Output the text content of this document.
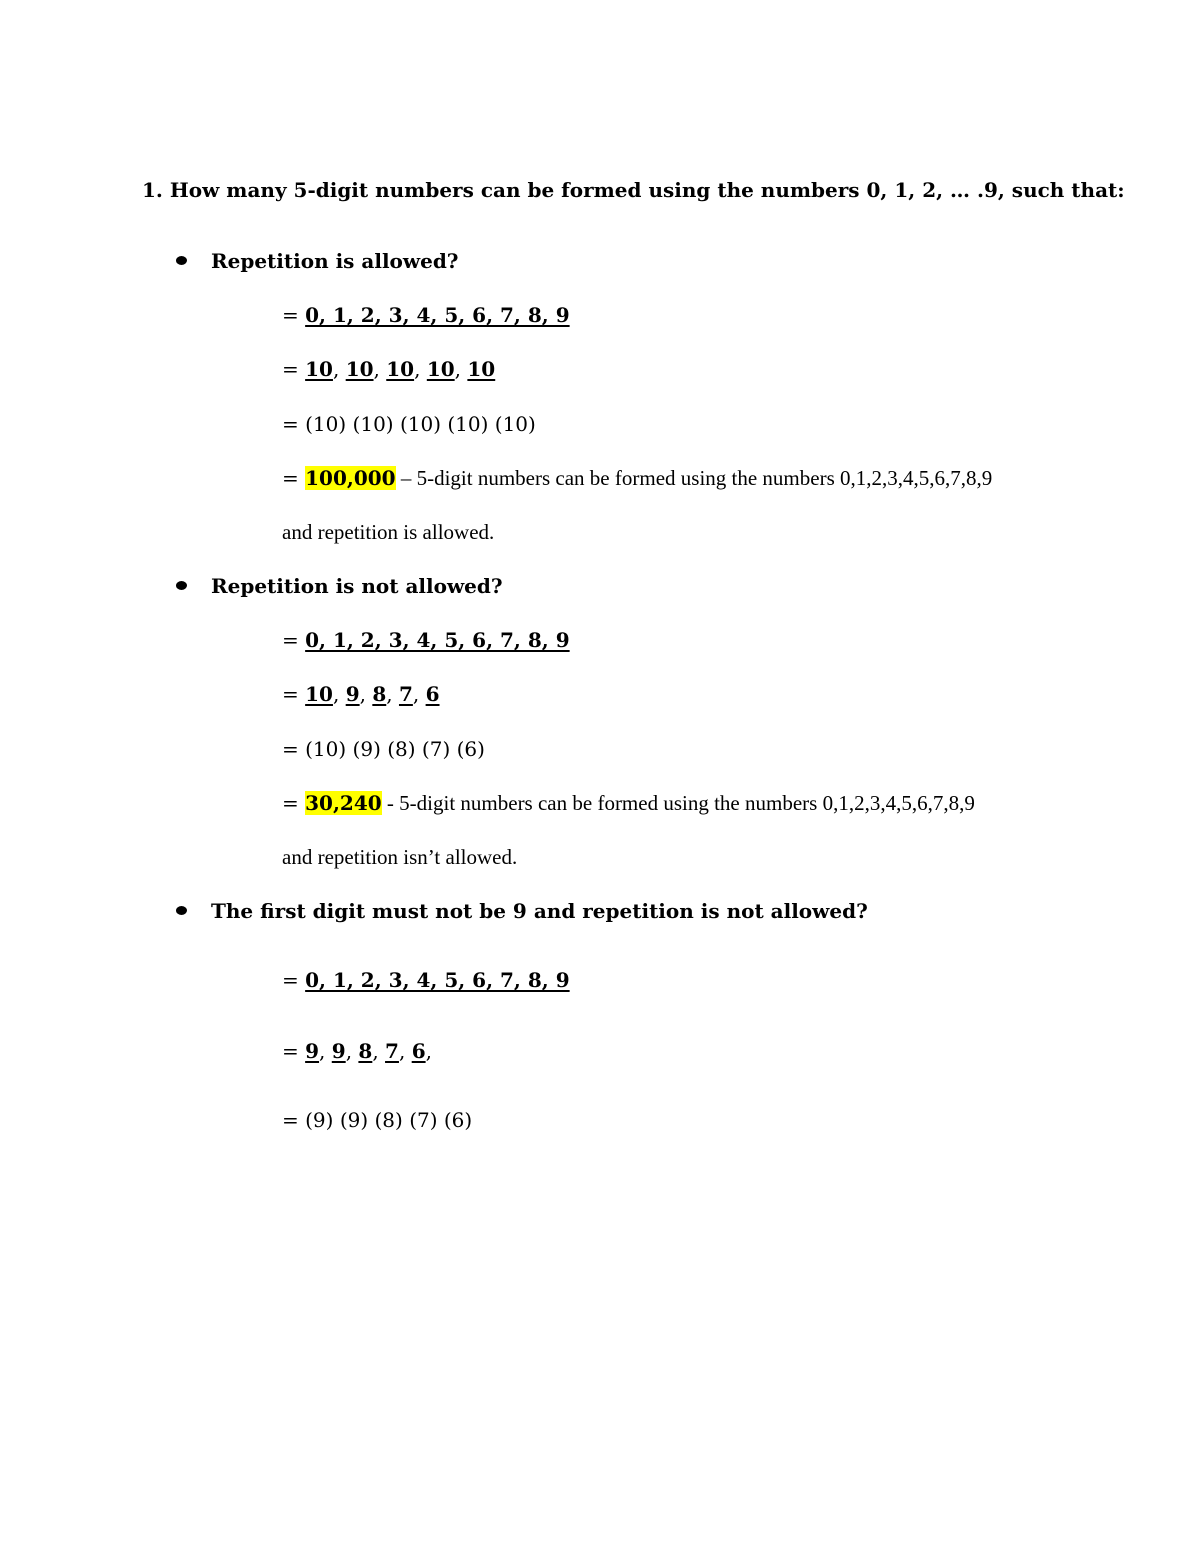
1. How many 5-digit numbers can be formed using the numbers 0, 1, 2, … .9, such that:
Repetition is allowed?
= 0, 1, 2, 3, 4, 5, 6, 7, 8, 9
= 10, 10, 10, 10, 10
= (10) (10) (10) (10) (10)
= 100,000 – 5-digit numbers can be formed using the numbers 0,1,2,3,4,5,6,7,8,9
and repetition is allowed.
Repetition is not allowed?
= 0, 1, 2, 3, 4, 5, 6, 7, 8, 9
= 10, 9, 8, 7, 6
= (10) (9) (8) (7) (6)
= 30,240 - 5-digit numbers can be formed using the numbers 0,1,2,3,4,5,6,7,8,9
and repetition isn’t allowed.
The first digit must not be 9 and repetition is not allowed?
= 0, 1, 2, 3, 4, 5, 6, 7, 8, 9
= 9, 9, 8, 7, 6,
= (9) (9) (8) (7) (6)
